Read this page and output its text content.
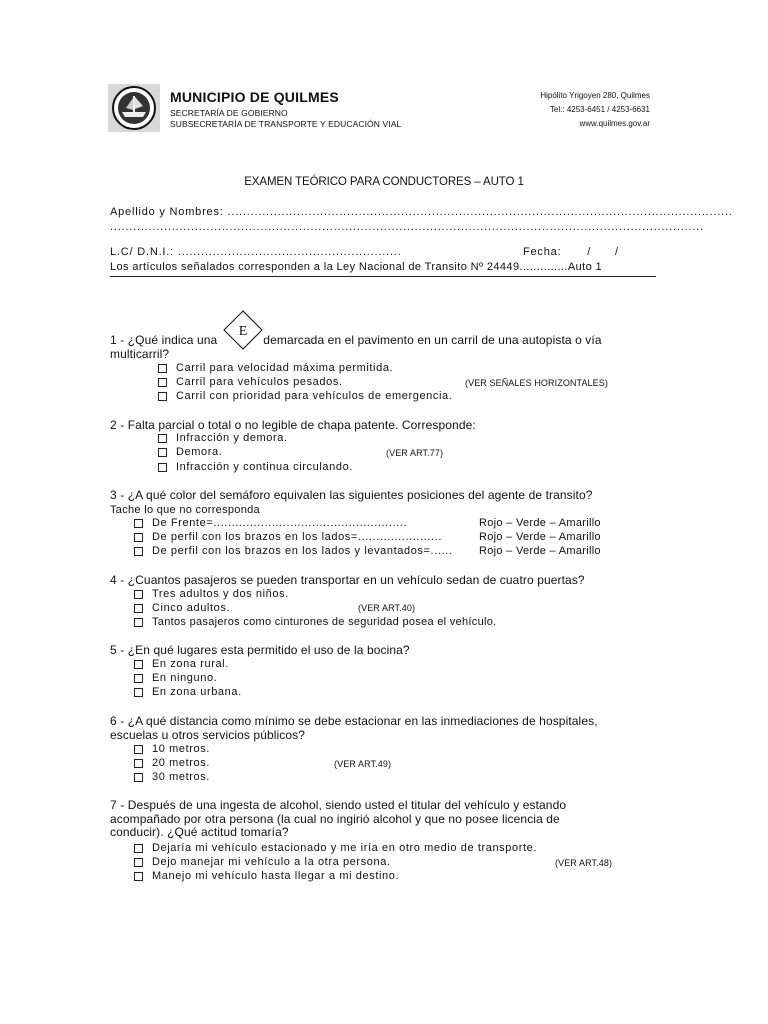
MUNICIPIO DE QUILMES
SECRETARÍA DE GOBIERNO
SUBSECRETARÍA DE TRANSPORTE Y EDUCACIÓN VIAL
Hipólito Yrigoyen 280, Quilmes
Tel.: 4253-6451 / 4253-6631
www.quilmes.gov.ar
EXAMEN TEÓRICO PARA CONDUCTORES – AUTO 1
Apellido y Nombres: ...................................................................................................................................
..........................................................................................................................................................
L.C/ D.N.I.: ..........................................................	Fecha: / /
Los artículos señalados corresponden a la Ley Nacional de Transito Nº 24449..............Auto 1
E
1 - ¿Qué indica una	demarcada en el pavimento en un carril de una autopista o vía
multicarril?
Carril para velocidad máxima permitida.
Carril para vehículos pesados.
Carril con prioridad para vehículos de emergencia.
(VER SEÑALES HORIZONTALES)
2 - Falta parcial o total o no legible de chapa patente. Corresponde:
Infracción y demora.
Demora.
Infracción y continua circulando.
(VER ART.77)
3 - ¿A qué color del semáforo equivalen las siguientes posiciones del agente de transito?
Tache lo que no corresponda
De Frente=.....................................................
De perfil con los brazos en los lados=.......................
De perfil con los brazos en los lados y levantados=......
Rojo – Verde – Amarillo
Rojo – Verde – Amarillo
Rojo – Verde – Amarillo
4 - ¿Cuantos pasajeros se pueden transportar en un vehículo sedan de cuatro puertas?
Tres adultos y dos niños.
Cinco adultos.
Tantos pasajeros como cinturones de seguridad posea el vehículo.
(VER ART.40)
5 - ¿En qué lugares esta permitido el uso de la bocina?
En zona rural.
En ninguno.
En zona urbana.
6 - ¿A qué distancia como mínimo se debe estacionar en las inmediaciones de hospitales,
escuelas u otros servicios públicos?
10 metros.
20 metros.
30 metros.
(VER ART.49)
7 - Después de una ingesta de alcohol, siendo usted el titular del vehículo y estando
acompañado por otra persona (la cual no ingirió alcohol y que no posee licencia de
conducir). ¿Qué actitud tomaría?
Dejaría mi vehículo estacionado y me iría en otro medio de transporte.
Dejo manejar mi vehículo a la otra persona.
Manejo mi vehículo hasta llegar a mi destino.
(VER ART.48)
